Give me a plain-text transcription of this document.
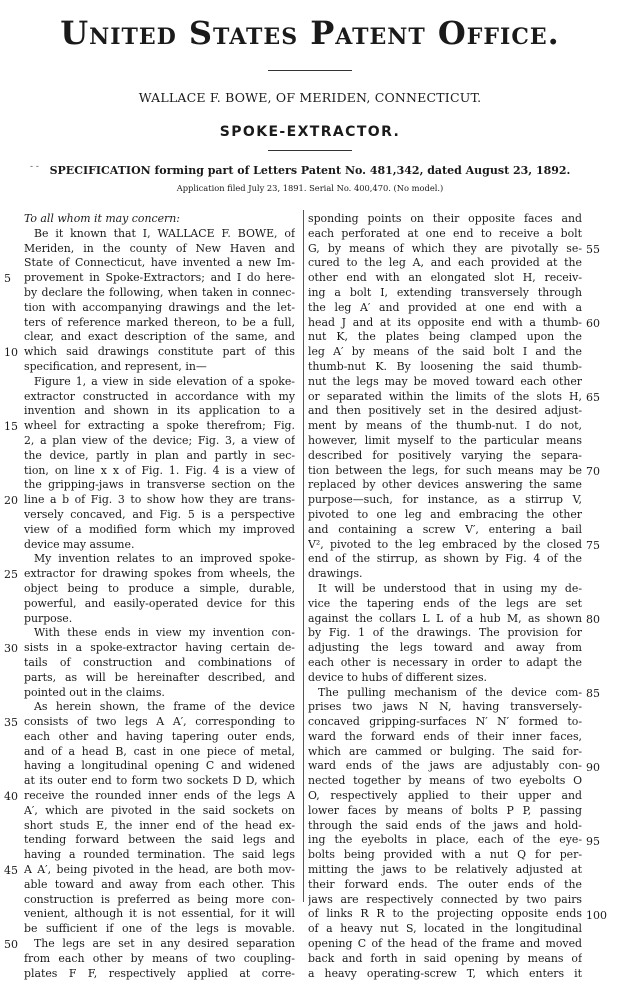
United States Patent Office.
WALLACE F. BOWE, OF MERIDEN, CONNECTICUT.
SPOKE-EXTRACTOR.
- - SPECIFICATION forming part of Letters Patent No. 481,342, dated August 23, 1892.
Application filed July 23, 1891. Serial No. 400,470. (No model.)
To all whom it may concern:
Be it known that I, WALLACE F. BOWE, of
Meriden, in the county of New Haven and
State of Connecticut, have invented a new Im-
provement in Spoke-Extractors; and I do here-
by declare the following, when taken in connec-
tion with accompanying drawings and the let-
ters of reference marked thereon, to be a full,
clear, and exact description of the same, and
which said drawings constitute part of this
specification, and represent, in—
Figure 1, a view in side elevation of a spoke-
extractor constructed in accordance with my
invention and shown in its application to a
wheel for extracting a spoke therefrom; Fig.
2, a plan view of the device; Fig. 3, a view of
the device, partly in plan and partly in sec-
tion, on line x x of Fig. 1. Fig. 4 is a view of
the gripping-jaws in transverse section on the
line a b of Fig. 3 to show how they are trans-
versely concaved, and Fig. 5 is a perspective
view of a modified form which my improved
device may assume.
My invention relates to an improved spoke-
extractor for drawing spokes from wheels, the
object being to produce a simple, durable,
powerful, and easily-operated device for this
purpose.
With these ends in view my invention con-
sists in a spoke-extractor having certain de-
tails of construction and combinations of
parts, as will be hereinafter described, and
pointed out in the claims.
As herein shown, the frame of the device
consists of two legs A A′, corresponding to
each other and having tapering outer ends,
and of a head B, cast in one piece of metal,
having a longitudinal opening C and widened
at its outer end to form two sockets D D, which
receive the rounded inner ends of the legs A
A′, which are pivoted in the said sockets on
short studs E, the inner end of the head ex-
tending forward between the said legs and
having a rounded termination. The said legs
A A′, being pivoted in the head, are both mov-
able toward and away from each other. This
construction is preferred as being more con-
venient, although it is not essential, for it will
be sufficient if one of the legs is movable.
The legs are set in any desired separation
from each other by means of two coupling-
plates F F, respectively applied at corre-
sponding points on their opposite faces and
each perforated at one end to receive a bolt
G, by means of which they are pivotally se-
cured to the leg A, and each provided at the
other end with an elongated slot H, receiv-
ing a bolt I, extending transversely through
the leg A′ and provided at one end with a
head J and at its opposite end with a thumb-
nut K, the plates being clamped upon the
leg A′ by means of the said bolt I and the
thumb-nut K. By loosening the said thumb-
nut the legs may be moved toward each other
or separated within the limits of the slots H,
and then positively set in the desired adjust-
ment by means of the thumb-nut. I do not,
however, limit myself to the particular means
described for positively varying the separa-
tion between the legs, for such means may be
replaced by other devices answering the same
purpose—such, for instance, as a stirrup V,
pivoted to one leg and embracing the other
and containing a screw V′, entering a bail
V², pivoted to the leg embraced by the closed
end of the stirrup, as shown by Fig. 4 of the
drawings.
It will be understood that in using my de-
vice the tapering ends of the legs are set
against the collars L L of a hub M, as shown
by Fig. 1 of the drawings. The provision for
adjusting the legs toward and away from
each other is necessary in order to adapt the
device to hubs of different sizes.
The pulling mechanism of the device com-
prises two jaws N N, having transversely-
concaved gripping-surfaces N′ N′ formed to-
ward the forward ends of their inner faces,
which are cammed or bulging. The said for-
ward ends of the jaws are adjustably con-
nected together by means of two eyebolts O
O, respectively applied to their upper and
lower faces by means of bolts P P, passing
through the said ends of the jaws and hold-
ing the eyebolts in place, each of the eye-
bolts being provided with a nut Q for per-
mitting the jaws to be relatively adjusted at
their forward ends. The outer ends of the
jaws are respectively connected by two pairs
of links R R to the projecting opposite ends
of a heavy nut S, located in the longitudinal
opening C of the head of the frame and moved
back and forth in said opening by means of
a heavy operating-screw T, which enters it
5
10
15
20
25
30
35
40
45
50
55
60
65
70
75
80
85
90
95
100
